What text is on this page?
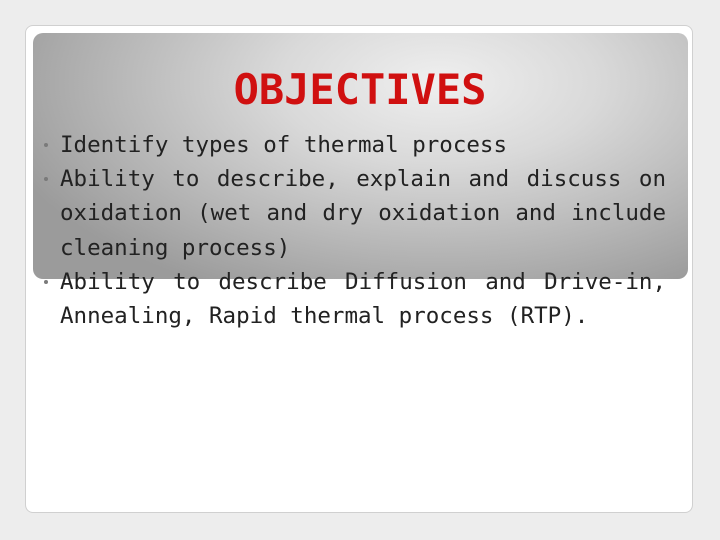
OBJECTIVES
Identify types of thermal process
Ability to describe, explain and discuss on oxidation (wet and dry oxidation and include cleaning process)
Ability to describe Diffusion and Drive-in, Annealing, Rapid thermal process (RTP).
